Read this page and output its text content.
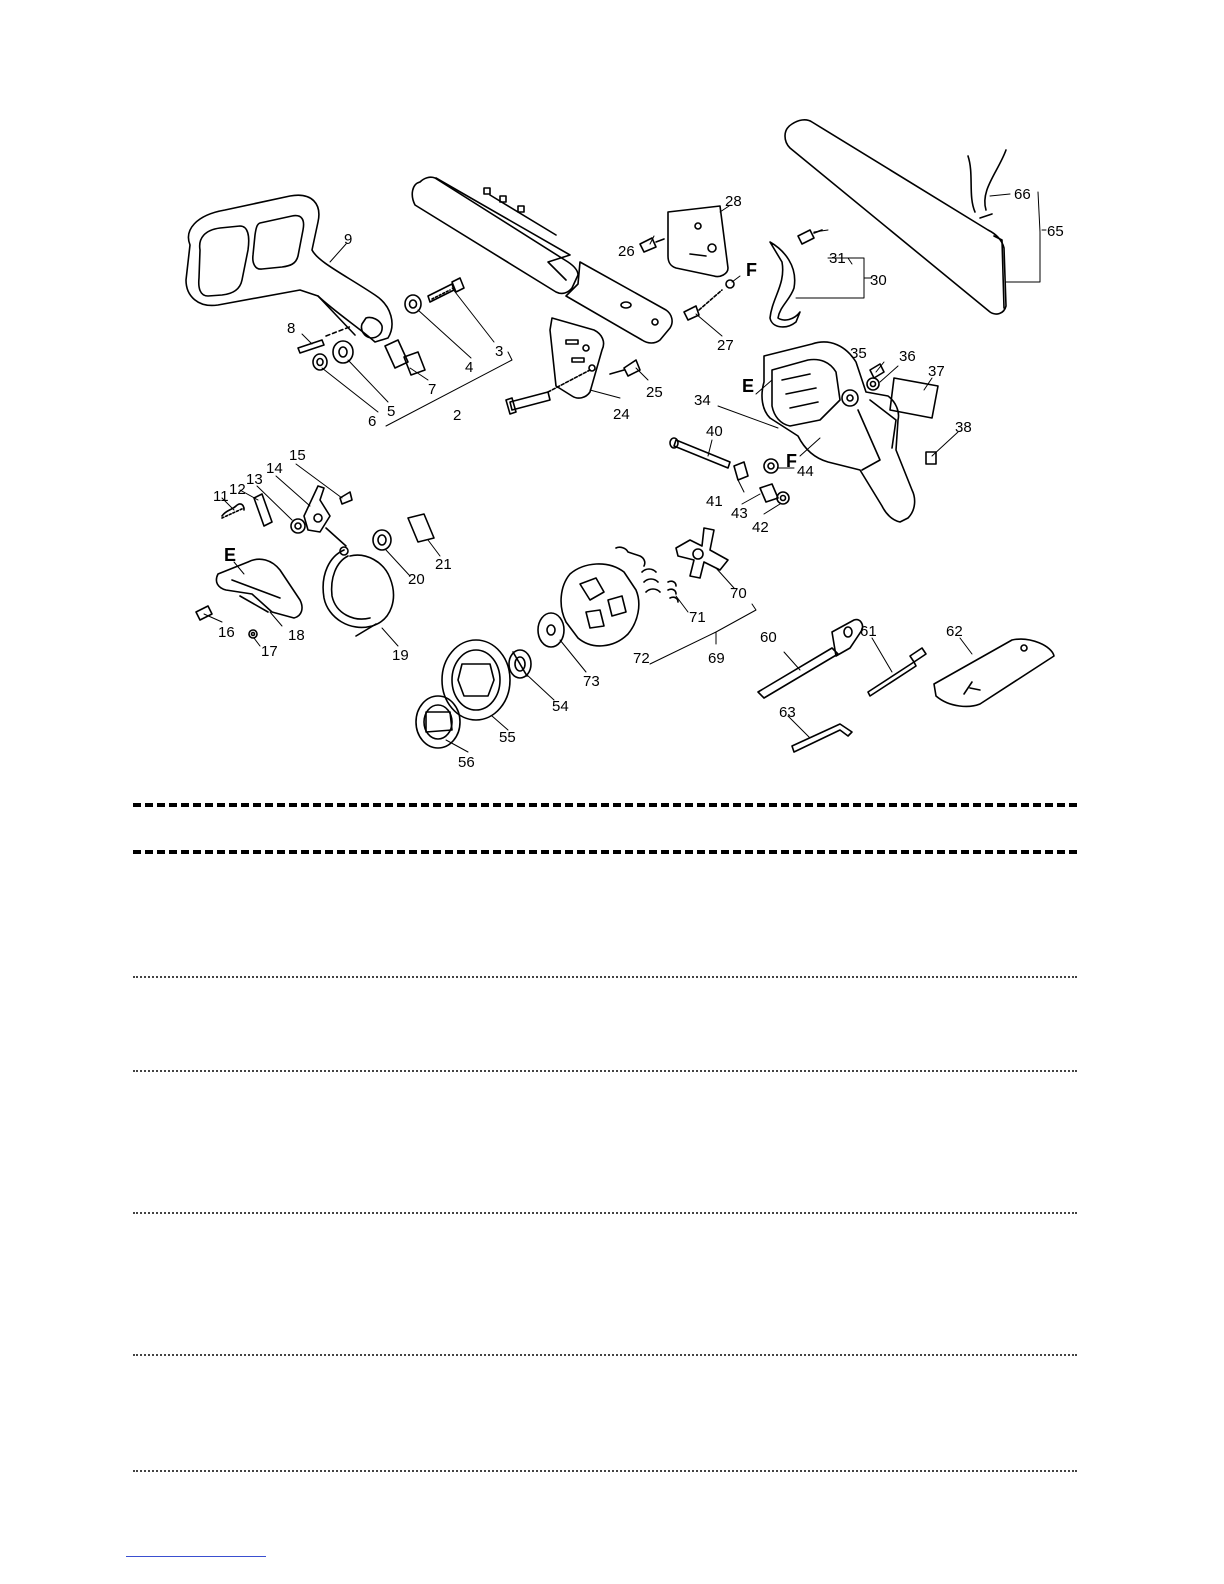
9
8
3
4
7
5
6	2
28
26
27
25
24
31
30
66
65
35 36
37
38
34
40
44
41
43
42
11 12
13
14
15
20
21
16
17
18
19
70
71
72	69
73
54
55
56
60	61	62
63
F
E
F
E
